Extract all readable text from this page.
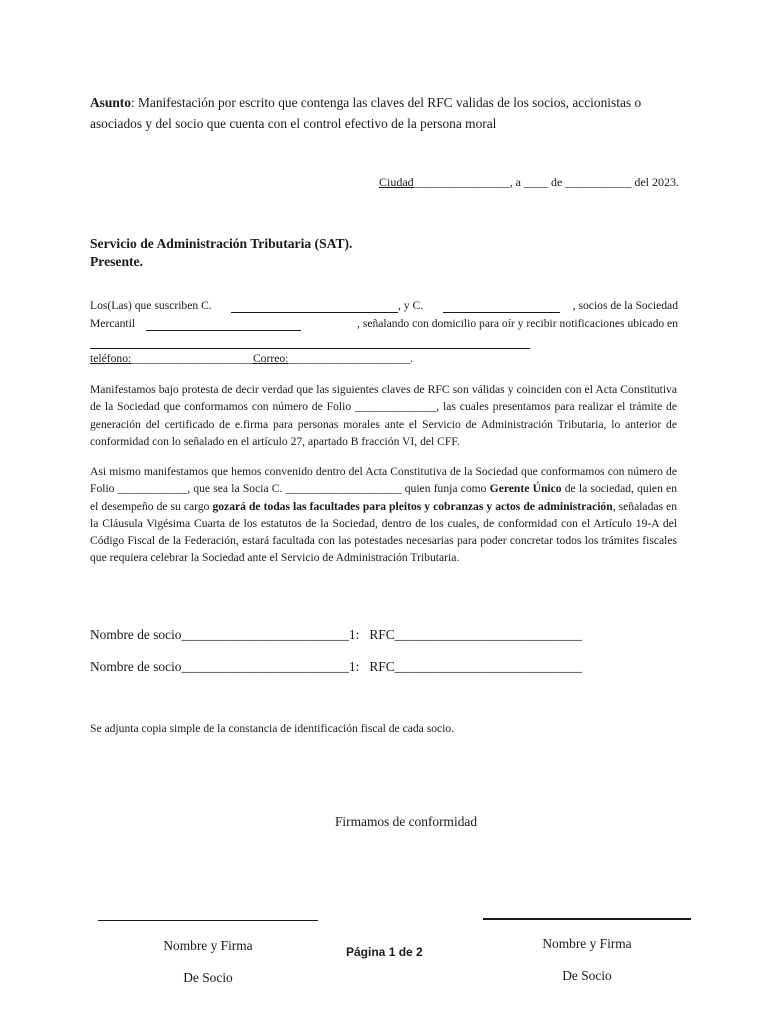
Asunto: Manifestación por escrito que contenga las claves del RFC validas de los socios, accionistas o asociados y del socio que cuenta con el control efectivo de la persona moral
Ciudad________________, a ____ de ___________ del 2023.
Servicio de Administración Tributaria (SAT).
Presente.
Los(Las) que suscriben C.	, y C.	, socios de la Sociedad
Mercantil	, señalando con domicilio para oír y recibir notificaciones ubicado en
teléfono:_____________________Correo:_____________________.
Manifestamos bajo protesta de decir verdad que las siguientes claves de RFC son válidas y coinciden con el Acta Constitutiva de la Sociedad que conformamos con número de Folio ______________, las cuales presentamos para realizar el trámite de generación del certificado de e.firma para personas morales ante el Servicio de Administración Tributaria, lo anterior de conformidad con lo señalado en el artículo 27, apartado B fracción VI, del CFF.
Asi mismo manifestamos que hemos convenido dentro del Acta Constitutiva de la Sociedad que conformamos con número de Folio ____________, que sea la Socia C. ____________________ quien funja como Gerente Único de la sociedad, quien en el desempeño de su cargo gozará de todas las facultades para pleitos y cobranzas y actos de administración, señaladas en la Cláusula Vigésima Cuarta de los estatutos de la Sociedad, dentro de los cuales, de conformidad con el Artículo 19-A del Código Fiscal de la Federación, estará facultada con las potestades necesarias para poder concretar todos los trámites fiscales que requiera celebrar la Sociedad ante el Servicio de Administración Tributaria.
Nombre de socio_________________________1: RFC____________________________
Nombre de socio_________________________1: RFC____________________________
Se adjunta copia simple de la constancia de identificación fiscal de cada socio.
Firmamos de conformidad
Nombre y Firma
De Socio
Nombre y Firma
De Socio
Página 1 de 2
